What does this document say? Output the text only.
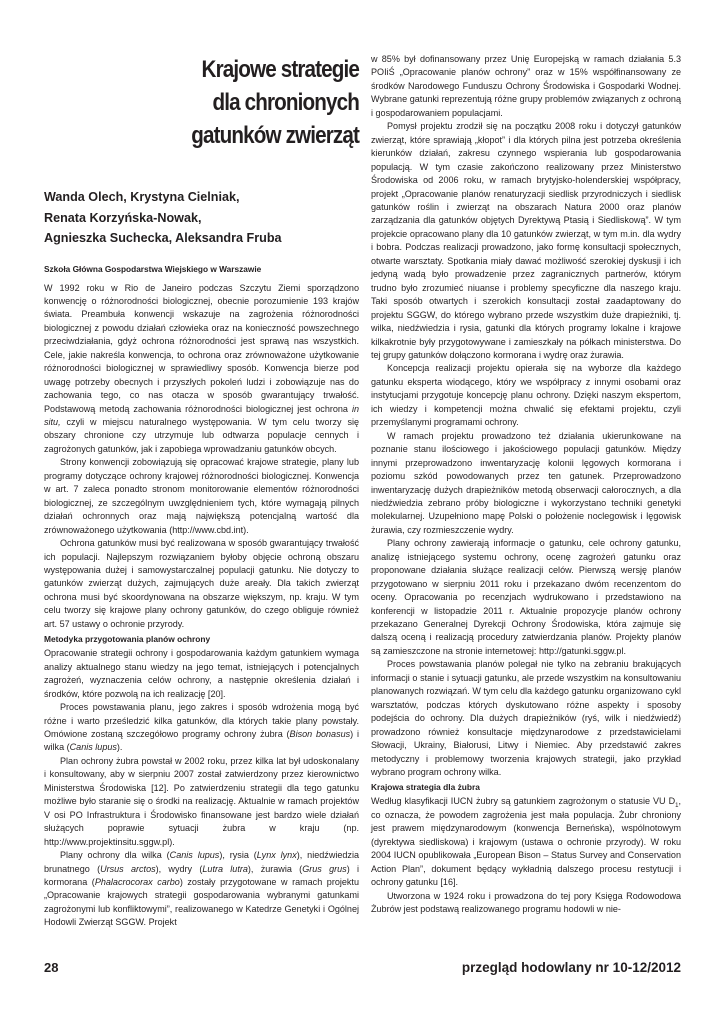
Krajowe strategie
dla chronionych
gatunków zwierząt
Wanda Olech, Krystyna Cielniak,
Renata Korzyńska-Nowak,
Agnieszka Suchecka, Aleksandra Fruba
Szkoła Główna Gospodarstwa Wiejskiego w Warszawie

W 1992 roku w Rio de Janeiro podczas Szczytu Ziemi sporządzono konwencję o różnorodności biologicznej, obecnie porozumienie 193 krajów świata. Preambuła konwencji wskazuje na zagrożenia różnorodności biologicznej z powodu działań człowieka oraz na konieczność powszechnego przeciwdziałania, gdyż ochrona różnorodności jest sprawą nas wszystkich. Cele, jakie nakreśla konwencja, to ochrona oraz zrównoważone użytkowanie różnorodności biologicznej w sprawiedliwy sposób. Konwencja bierze pod uwagę potrzeby obecnych i przyszłych pokoleń ludzi i zobowiązuje nas do zachowania tego, co nas otacza w sposób gwarantujący trwałość. Podstawową metodą zachowania różnorodności biologicznej jest ochrona in situ, czyli w miejscu naturalnego występowania. W tym celu tworzy się obszary chronione czy utrzymuje lub odtwarza populacje cennych i zagrożonych gatunków, jak i zapobiega wprowadzaniu gatunków obcych.

Strony konwencji zobowiązują się opracować krajowe strategie, plany lub programy dotyczące ochrony krajowej różnorodności biologicznej. Konwencja w art. 7 zaleca ponadto stronom monitorowanie elementów różnorodności biologicznej, ze szczególnym uwzględnieniem tych, które wymagają pilnych działań ochronnych oraz mają największą potencjalną wartość dla zrównoważonego użytkowania (http://www.cbd.int).

Ochrona gatunków musi być realizowana w sposób gwarantujący trwałość ich populacji. Najlepszym rozwiązaniem byłoby objęcie ochroną obszaru występowania dużej i samowystarczalnej populacji gatunku. Nie dotyczy to gatunków zwierząt dużych, zajmujących duże areały. Dla takich zwierząt ochrona musi być skoordynowana na obszarze większym, np. kraju. W tym celu tworzy się krajowe plany ochrony gatunków, do czego obliguje również art. 57 ustawy o ochronie przyrody.

Metodyka przygotowania planów ochrony

Opracowanie strategii ochrony i gospodarowania każdym gatunkiem wymaga analizy aktualnego stanu wiedzy na jego temat, istniejących i potencjalnych zagrożeń, wyznaczenia celów ochrony, a następnie określenia działań i środków, które pozwolą na ich realizację [20].

Proces powstawania planu, jego zakres i sposób wdrożenia mogą być różne i warto prześledzić kilka gatunków, dla których takie plany powstały. Omówione zostaną szczegółowo programy ochrony żubra (Bison bonasus) i wilka (Canis lupus).

Plan ochrony żubra powstał w 2002 roku, przez kilka lat był udoskonalany i konsultowany, aby w sierpniu 2007 został zatwierdzony przez kierownictwo Ministerstwa Środowiska [12]. Po zatwierdzeniu strategii dla tego gatunku możliwe było staranie się o środki na realizację. Aktualnie w ramach projektów V osi PO Infrastruktura i Środowisko finansowane jest bardzo wiele działań służących poprawie sytuacji żubra w kraju (np. http://www.projektinsitu.sggw.pl).

Plany ochrony dla wilka (Canis lupus), rysia (Lynx lynx), niedźwiedzia brunatnego (Ursus arctos), wydry (Lutra lutra), żurawia (Grus grus) i kormorana (Phalacrocorax carbo) zostały przygotowane w ramach projektu „Opracowanie krajowych strategii gospodarowania wybranymi gatunkami zagrożonymi lub konfliktowymi”, realizowanego w Katedrze Genetyki i Ogólnej Hodowli Zwierząt SGGW. Projekt

w 85% był dofinansowany przez Unię Europejską w ramach działania 5.3 POIiŚ „Opracowanie planów ochrony” oraz w 15% współfinansowany ze środków Narodowego Funduszu Ochrony Środowiska i Gospodarki Wodnej. Wybrane gatunki reprezentują różne grupy problemów związanych z ochroną i gospodarowaniem populacjami.

Pomysł projektu zrodził się na początku 2008 roku i dotyczył gatunków zwierząt, które sprawiają „kłopot” i dla których pilna jest potrzeba określenia kierunków działań, zakresu czynnego wspierania lub gospodarowania populacją. W tym czasie zakończono realizowany przez Ministerstwo Środowiska od 2006 roku, w ramach brytyjsko-holenderskiej współpracy, projekt „Opracowanie planów renaturyzacji siedlisk przyrodniczych i siedlisk gatunków roślin i zwierząt na obszarach Natura 2000 oraz planów zarządzania dla gatunków objętych Dyrektywą Ptasią i Siedliskową”. W tym projekcie opracowano plany dla 10 gatunków zwierząt, w tym m.in. dla wydry i bobra. Podczas realizacji prowadzono, jako formę konsultacji społecznych, otwarte warsztaty. Spotkania miały dawać możliwość szerokiej dyskusji i ich jedyną wadą było prowadzenie przez zagranicznych partnerów, którym trudno było zrozumieć niuanse i problemy specyficzne dla naszego kraju. Taki sposób otwartych i szerokich konsultacji został zaadaptowany do projektu SGGW, do którego wybrano przede wszystkim duże drapieżniki, tj. wilka, niedźwiedzia i rysia, gatunki dla których programy lokalne i krajowe kilkakrotnie były przygotowywane i zamieszkały na półkach ministerstwa. Do tej grupy gatunków dołączono kormorana i wydrę oraz żurawia.

Koncepcja realizacji projektu opierała się na wyborze dla każdego gatunku eksperta wiodącego, który we współpracy z innymi osobami oraz instytucjami przygotuje koncepcję planu ochrony. Dzięki naszym ekspertom, ich wiedzy i kompetencji można chwalić się efektami projektu, czyli przemyślanymi programami ochrony.

W ramach projektu prowadzono też działania ukierunkowane na poznanie stanu ilościowego i jakościowego populacji gatunków. Między innymi przeprowadzono inwentaryzację kolonii lęgowych kormorana i poziomu szkód powodowanych przez ten gatunek. Przeprowadzono inwentaryzację dużych drapieżników metodą obserwacji całorocznych, a dla niedźwiedzia zebrano próby biologiczne i wykorzystano techniki genetyki molekularnej. Uzupełniono mapę Polski o położenie noclegowisk i lęgowisk żurawia, czy rozmieszczenie wydry.

Plany ochrony zawierają informacje o gatunku, cele ochrony gatunku, analizę istniejącego systemu ochrony, ocenę zagrożeń gatunku oraz proponowane działania służące realizacji celów. Pierwszą wersję planów przygotowano w sierpniu 2011 roku i przekazano dwóm recenzentom do oceny. Opracowania po recenzjach wydrukowano i przedstawiono na konferencji w listopadzie 2011 r. Aktualnie propozycje planów ochrony przekazano Generalnej Dyrekcji Ochrony Środowiska, która zajmuje się dalszą oceną i realizacją procedury zatwierdzania planów. Projekty planów są zamieszczone na stronie internetowej: http://gatunki.sggw.pl.

Proces powstawania planów polegał nie tylko na zebraniu brakujących informacji o stanie i sytuacji gatunku, ale przede wszystkim na konsultowaniu planowanych rozwiązań. W tym celu dla każdego gatunku organizowano cykl warsztatów, podczas których dyskutowano różne aspekty i sposoby podejścia do ochrony. Dla dużych drapieżników (ryś, wilk i niedźwiedź) prowadzono również konsultacje międzynarodowe z przedstawicielami Słowacji, Ukrainy, Białorusi, Litwy i Niemiec. Aby przedstawić zakres metodyczny i problemowy tworzenia krajowych strategii, jako przykład wybrano program ochrony wilka.

Krajowa strategia dla żubra

Według klasyfikacji IUCN żubry są gatunkiem zagrożonym o statusie VU $D_1$, co oznacza, że powodem zagrożenia jest mała populacja. Żubr chroniony jest prawem międzynarodowym (konwencja Berneńska), wspólnotowym (dyrektywa siedliskowa) i krajowym (ustawa o ochronie przyrody). W roku 2004 IUCN opublikowała „European Bison – Status Survey and Conservation Action Plan”, dokument będący wykładnią dalszego procesu restytucji i ochrony gatunku [16].

Utworzona w 1924 roku i prowadzona do tej pory Księga Rodowodowa Żubrów jest podstawą realizowanego programu hodowli w nie-

28	przegląd hodowlany nr 10-12/2012
